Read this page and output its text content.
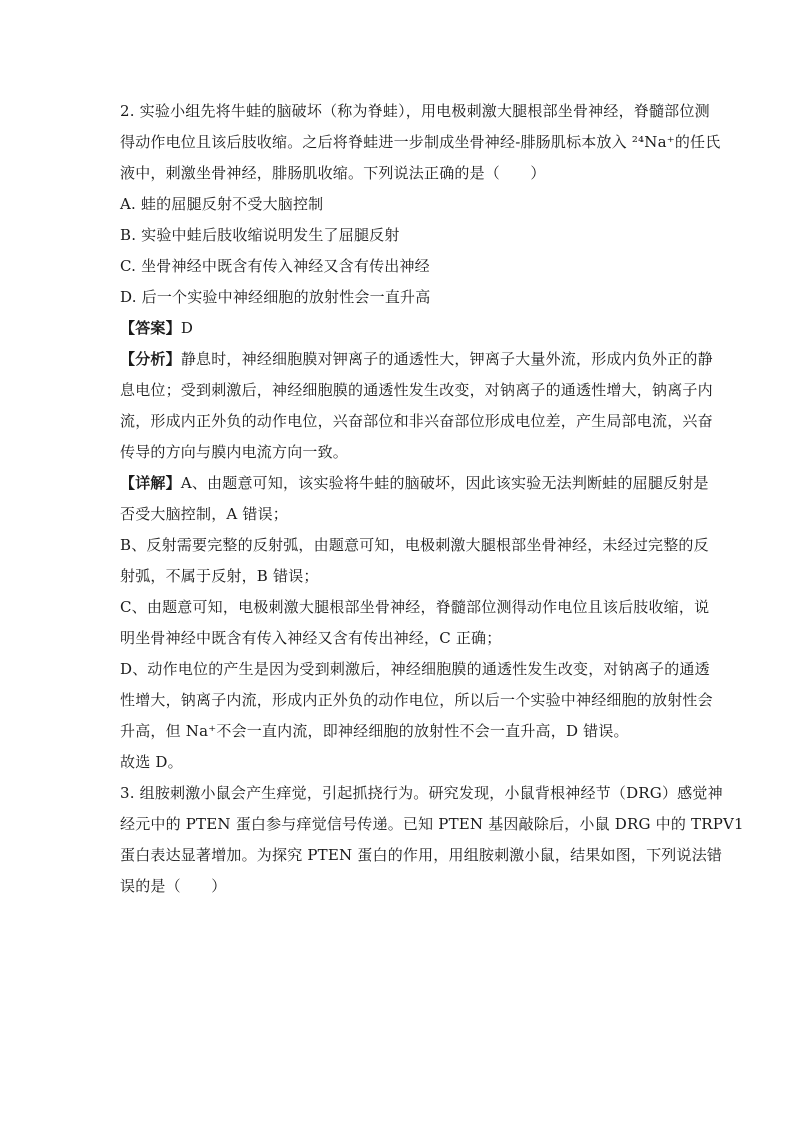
2. 实验小组先将牛蛙的脑破坏（称为脊蛙），用电极刺激大腿根部坐骨神经，脊髓部位测
得动作电位且该后肢收缩。之后将脊蛙进一步制成坐骨神经-腓肠肌标本放入 ²⁴Na⁺的任氏
液中，刺激坐骨神经，腓肠肌收缩。下列说法正确的是（　　）
A. 蛙的屈腿反射不受大脑控制
B. 实验中蛙后肢收缩说明发生了屈腿反射
C. 坐骨神经中既含有传入神经又含有传出神经
D. 后一个实验中神经细胞的放射性会一直升高
【答案】D
【分析】静息时，神经细胞膜对钾离子的通透性大，钾离子大量外流，形成内负外正的静
息电位；受到刺激后，神经细胞膜的通透性发生改变，对钠离子的通透性增大，钠离子内
流，形成内正外负的动作电位，兴奋部位和非兴奋部位形成电位差，产生局部电流，兴奋
传导的方向与膜内电流方向一致。
【详解】A、由题意可知，该实验将牛蛙的脑破坏，因此该实验无法判断蛙的屈腿反射是
否受大脑控制，A 错误；
B、反射需要完整的反射弧，由题意可知，电极刺激大腿根部坐骨神经，未经过完整的反
射弧，不属于反射，B 错误；
C、由题意可知，电极刺激大腿根部坐骨神经，脊髓部位测得动作电位且该后肢收缩，说
明坐骨神经中既含有传入神经又含有传出神经，C 正确；
D、动作电位的产生是因为受到刺激后，神经细胞膜的通透性发生改变，对钠离子的通透
性增大，钠离子内流，形成内正外负的动作电位，所以后一个实验中神经细胞的放射性会
升高，但 Na⁺不会一直内流，即神经细胞的放射性不会一直升高，D 错误。
故选 D。
3. 组胺刺激小鼠会产生痒觉，引起抓挠行为。研究发现，小鼠背根神经节（DRG）感觉神
经元中的 PTEN 蛋白参与痒觉信号传递。已知 PTEN 基因敲除后，小鼠 DRG 中的 TRPV1
蛋白表达显著增加。为探究 PTEN 蛋白的作用，用组胺刺激小鼠，结果如图，下列说法错
误的是（　　）
